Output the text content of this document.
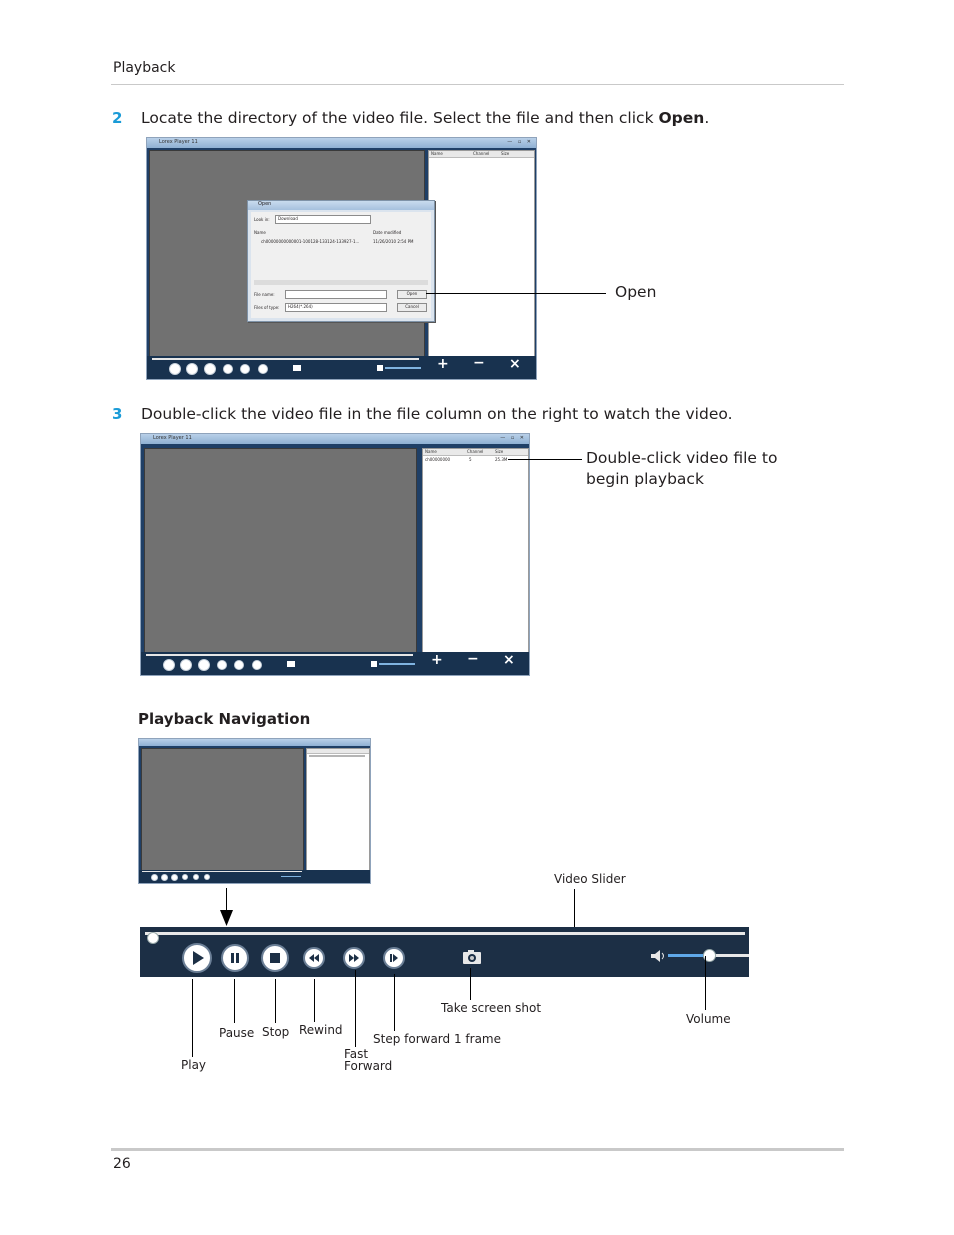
Playback
2 Locate the directory of the video file. Select the file and then click Open.
Lorex Player 11	— ▫ ✕
Name	Channel	Size
+ − ×
Open
Look in:	Download
Name	Date modified
ch00000000000001-100128-133124-133927-1...	11/26/2010 2:54 PM
File name:
Files of type:	H264(*.264)
Open
Cancel
Open
3 Double-click the video file in the file column on the right to watch the video.
Lorex Player 11	— ▫ ✕
Name	Channel	Size
ch00000000	5	25.3M
+ − ×
Double-click video file to
begin playback
Playback Navigation
Video Slider
Play
Pause Stop Rewind
Fast
Forward
Step forward 1 frame
Take screen shot
Volume
26
